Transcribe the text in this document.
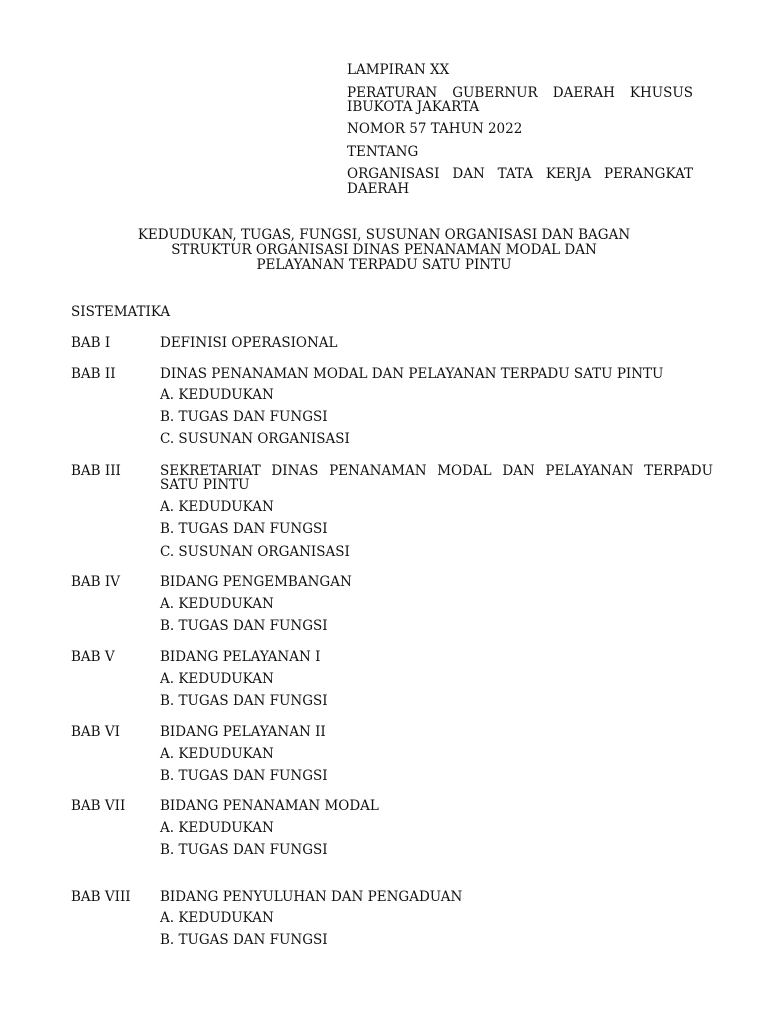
LAMPIRAN XX
PERATURAN GUBERNUR DAERAH KHUSUS
IBUKOTA JAKARTA
NOMOR 57 TAHUN 2022
TENTANG
ORGANISASI DAN TATA KERJA PERANGKAT
DAERAH
KEDUDUKAN, TUGAS, FUNGSI, SUSUNAN ORGANISASI DAN BAGAN
STRUKTUR ORGANISASI DINAS PENANAMAN MODAL DAN
PELAYANAN TERPADU SATU PINTU
SISTEMATIKA
BAB I	DEFINISI OPERASIONAL
BAB II	DINAS PENANAMAN MODAL DAN PELAYANAN TERPADU SATU PINTU
A. KEDUDUKAN
B. TUGAS DAN FUNGSI
C. SUSUNAN ORGANISASI
BAB III	SEKRETARIAT DINAS PENANAMAN MODAL DAN PELAYANAN TERPADU
SATU PINTU
A. KEDUDUKAN
B. TUGAS DAN FUNGSI
C. SUSUNAN ORGANISASI
BAB IV	BIDANG PENGEMBANGAN
A. KEDUDUKAN
B. TUGAS DAN FUNGSI
BAB V	BIDANG PELAYANAN I
A. KEDUDUKAN
B. TUGAS DAN FUNGSI
BAB VI	BIDANG PELAYANAN II
A. KEDUDUKAN
B. TUGAS DAN FUNGSI
BAB VII	BIDANG PENANAMAN MODAL
A. KEDUDUKAN
B. TUGAS DAN FUNGSI
BAB VIII BIDANG PENYULUHAN DAN PENGADUAN
A. KEDUDUKAN
B. TUGAS DAN FUNGSI
